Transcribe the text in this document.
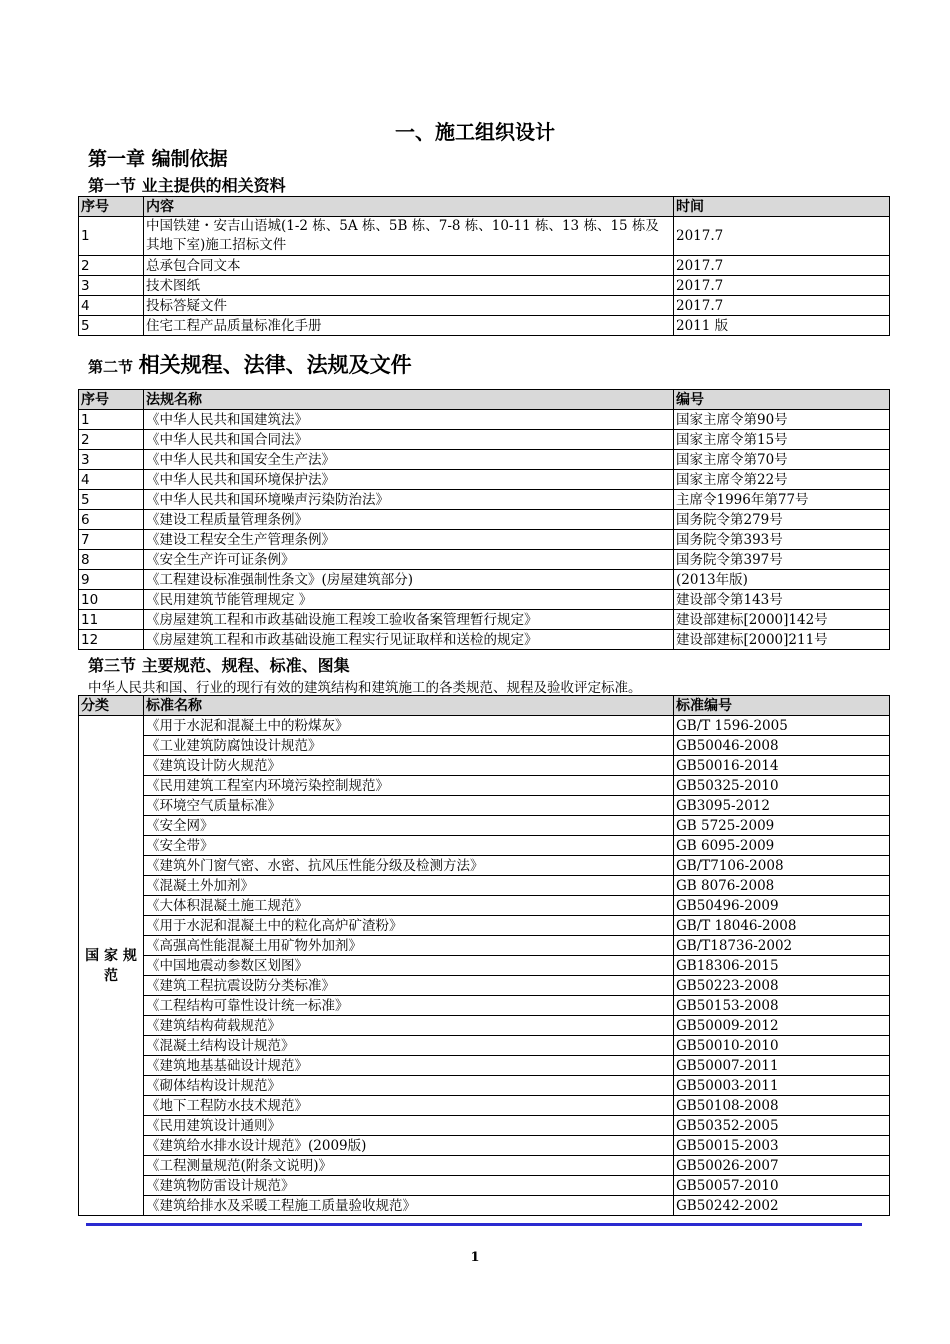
一、施工组织设计
第一章 编制依据
第一节 业主提供的相关资料
序号	内容	时间
1	中国铁建・安吉山语城(1-2 栋、5A 栋、5B 栋、7-8 栋、10-11 栋、13 栋、15 栋及其地下室)施工招标文件	2017.7
2	总承包合同文本	2017.7
3	技术图纸	2017.7
4	投标答疑文件	2017.7
5	住宅工程产品质量标准化手册	2011 版
第二节 相关规程、法律、法规及文件
序号	法规名称	编号
1	《中华人民共和国建筑法》	国家主席令第90号
2	《中华人民共和国合同法》	国家主席令第15号
3	《中华人民共和国安全生产法》	国家主席令第70号
4	《中华人民共和国环境保护法》	国家主席令第22号
5	《中华人民共和国环境噪声污染防治法》	主席令1996年第77号
6	《建设工程质量管理条例》	国务院令第279号
7	《建设工程安全生产管理条例》	国务院令第393号
8	《安全生产许可证条例》	国务院令第397号
9	《工程建设标准强制性条文》(房屋建筑部分)	(2013年版)
10	《民用建筑节能管理规定 》	建设部令第143号
11	《房屋建筑工程和市政基础设施工程竣工验收备案管理暂行规定》	建设部建标[2000]142号
12	《房屋建筑工程和市政基础设施工程实行见证取样和送检的规定》	建设部建标[2000]211号
第三节 主要规范、规程、标准、图集
中华人民共和国、行业的现行有效的建筑结构和建筑施工的各类规范、规程及验收评定标准。
分类	标准名称	标准编号
国 家 规范	《用于水泥和混凝土中的粉煤灰》	GB/T 1596-2005
	《工业建筑防腐蚀设计规范》	GB50046-2008
	《建筑设计防火规范》	GB50016-2014
	《民用建筑工程室内环境污染控制规范》	GB50325-2010
	《环境空气质量标准》	GB3095-2012
	《安全网》	GB 5725-2009
	《安全带》	GB 6095-2009
	《建筑外门窗气密、水密、抗风压性能分级及检测方法》	GB/T7106-2008
	《混凝土外加剂》	GB 8076-2008
	《大体积混凝土施工规范》	GB50496-2009
	《用于水泥和混凝土中的粒化高炉矿渣粉》	GB/T 18046-2008
	《高强高性能混凝土用矿物外加剂》	GB/T18736-2002
	《中国地震动参数区划图》	GB18306-2015
	《建筑工程抗震设防分类标准》	GB50223-2008
	《工程结构可靠性设计统一标准》	GB50153-2008
	《建筑结构荷载规范》	GB50009-2012
	《混凝土结构设计规范》	GB50010-2010
	《建筑地基基础设计规范》	GB50007-2011
	《砌体结构设计规范》	GB50003-2011
	《地下工程防水技术规范》	GB50108-2008
	《民用建筑设计通则》	GB50352-2005
	《建筑给水排水设计规范》(2009版)	GB50015-2003
	《工程测量规范(附条文说明)》	GB50026-2007
	《建筑物防雷设计规范》	GB50057-2010
	《建筑给排水及采暖工程施工质量验收规范》	GB50242-2002
1
